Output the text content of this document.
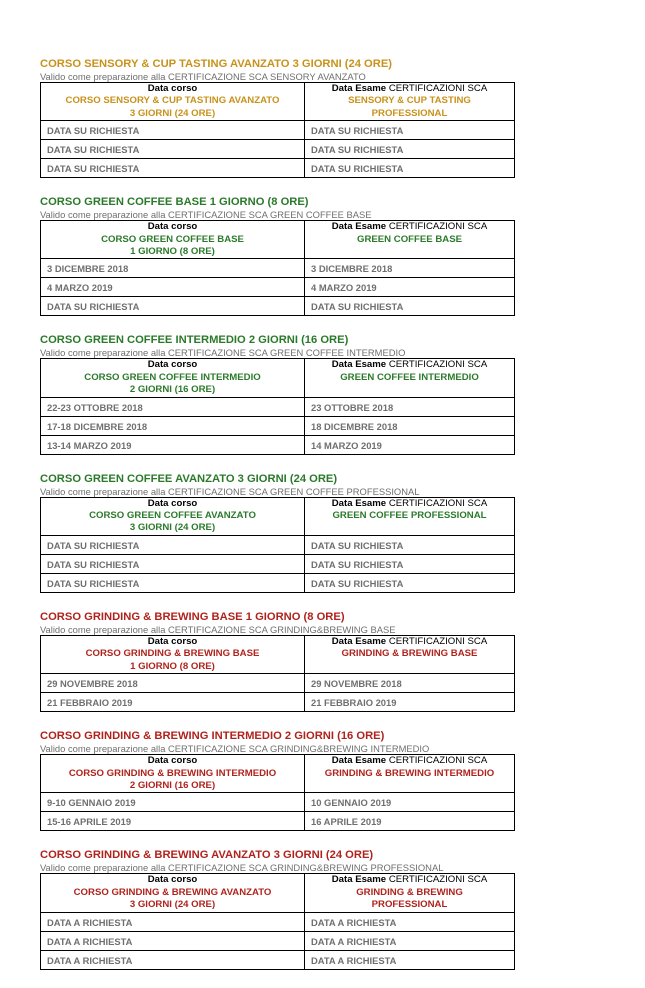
CORSO SENSORY & CUP TASTING AVANZATO 3 GIORNI (24 ORE)

Valido come preparazione alla CERTIFICAZIONE SCA SENSORY AVANZATO

Data corso
CORSO SENSORY & CUP TASTING AVANZATO
3 GIORNI (24 ORE)	Data Esame CERTIFICAZIONI SCA
SENSORY & CUP TASTING
PROFESSIONAL

DATA SU RICHIESTA	DATA SU RICHIESTA
DATA SU RICHIESTA	DATA SU RICHIESTA
DATA SU RICHIESTA	DATA SU RICHIESTA

CORSO GREEN COFFEE BASE 1 GIORNO (8 ORE)

Valido come preparazione alla CERTIFICAZIONE SCA GREEN COFFEE BASE

Data corso
CORSO GREEN COFFEE BASE
1 GIORNO (8 ORE)	Data Esame CERTIFICAZIONI SCA
GREEN COFFEE BASE

3 DICEMBRE 2018	3 DICEMBRE 2018
4 MARZO 2019	4 MARZO 2019
DATA SU RICHIESTA	DATA SU RICHIESTA

CORSO GREEN COFFEE INTERMEDIO 2 GIORNI (16 ORE)

Valido come preparazione alla CERTIFICAZIONE SCA GREEN COFFEE INTERMEDIO

Data corso
CORSO GREEN COFFEE INTERMEDIO
2 GIORNI (16 ORE)	Data Esame CERTIFICAZIONI SCA
GREEN COFFEE INTERMEDIO

22-23 OTTOBRE 2018	23 OTTOBRE 2018
17-18 DICEMBRE 2018	18 DICEMBRE 2018
13-14 MARZO 2019	14 MARZO 2019

CORSO GREEN COFFEE AVANZATO 3 GIORNI (24 ORE)

Valido come preparazione alla CERTIFICAZIONE SCA GREEN COFFEE PROFESSIONAL

Data corso
CORSO GREEN COFFEE AVANZATO
3 GIORNI (24 ORE)	Data Esame CERTIFICAZIONI SCA
GREEN COFFEE PROFESSIONAL

DATA SU RICHIESTA	DATA SU RICHIESTA
DATA SU RICHIESTA	DATA SU RICHIESTA
DATA SU RICHIESTA	DATA SU RICHIESTA

CORSO GRINDING & BREWING BASE 1 GIORNO (8 ORE)

Valido come preparazione alla CERTIFICAZIONE SCA GRINDING&BREWING BASE

Data corso
CORSO GRINDING & BREWING BASE
1 GIORNO (8 ORE)	Data Esame CERTIFICAZIONI SCA
GRINDING & BREWING BASE

29 NOVEMBRE 2018	29 NOVEMBRE 2018
21 FEBBRAIO 2019	21 FEBBRAIO 2019

CORSO GRINDING & BREWING INTERMEDIO 2 GIORNI (16 ORE)

Valido come preparazione alla CERTIFICAZIONE SCA GRINDING&BREWING INTERMEDIO

Data corso
CORSO GRINDING & BREWING INTERMEDIO
2 GIORNI (16 ORE)	Data Esame CERTIFICAZIONI SCA
GRINDING & BREWING INTERMEDIO

9-10 GENNAIO 2019	10 GENNAIO 2019
15-16 APRILE 2019	16 APRILE 2019

CORSO GRINDING & BREWING AVANZATO 3 GIORNI (24 ORE)

Valido come preparazione alla CERTIFICAZIONE SCA GRINDING&BREWING PROFESSIONAL

Data corso
CORSO GRINDING & BREWING AVANZATO
3 GIORNI (24 ORE)	Data Esame CERTIFICAZIONI SCA
GRINDING & BREWING
PROFESSIONAL

DATA A RICHIESTA	DATA A RICHIESTA
DATA A RICHIESTA	DATA A RICHIESTA
DATA A RICHIESTA	DATA A RICHIESTA
